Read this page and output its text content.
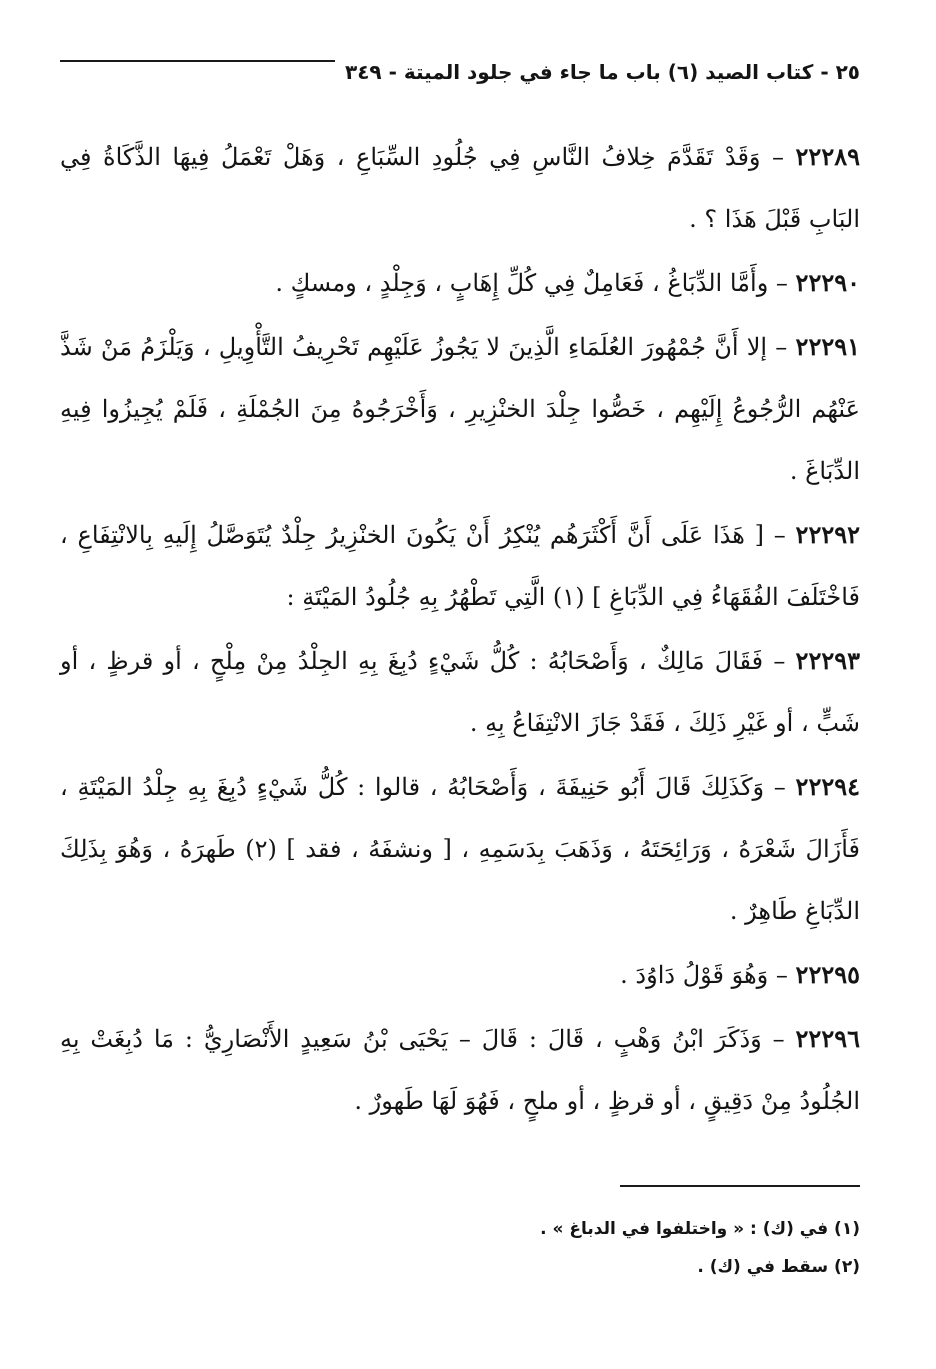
٢٥ - كتاب الصيد (٦) باب ما جاء في جلود الميتة - ٣٤٩

٢٢٢٨٩ – وَقَدْ تَقَدَّمَ خِلافُ النَّاسِ فِي جُلُودِ السِّبَاعِ ، وَهَلْ تَعْمَلُ فِيهَا الذَّكَاةُ فِي البَابِ قَبْلَ هَذَا ؟ .

٢٢٢٩٠ – وأَمَّا الدِّبَاغُ ، فَعَامِلٌ فِي كُلِّ إِهَابٍ ، وَجِلْدٍ ، ومسكٍ .

٢٢٢٩١ – إلا أَنَّ جُمْهُورَ العُلَمَاءِ الَّذِينَ لا يَجُوزُ عَلَيْهِم تَحْرِيفُ التَّأْوِيلِ ، وَيَلْزَمُ مَنْ شَذَّ عَنْهُم الرُّجُوعُ إِلَيْهِم ، خَصُّوا جِلْدَ الخنْزِيرِ ، وَأَخْرَجُوهُ مِنَ الجُمْلَةِ ، فَلَمْ يُجِيزُوا فِيهِ الدِّبَاغَ .

٢٢٢٩٢ – [ هَذَا عَلَى أَنَّ أَكْثَرَهُم يُنْكِرُ أَنْ يَكُونَ الخنْزِيرُ جِلْدٌ يُتَوَصَّلُ إِلَيهِ بِالانْتِفَاعِ ، فَاخْتَلَفَ الفُقَهَاءُ فِي الدِّبَاغِ ] (١) الَّتِي تَطْهُرُ بِهِ جُلُودُ المَيْتَةِ :

٢٢٢٩٣ – فَقَالَ مَالِكٌ ، وَأَصْحَابُهُ : كُلُّ شَيْءٍ دُبِغَ بِهِ الجِلْدُ مِنْ مِلْحٍ ، أو قرظٍ ، أو شَبٍّ ، أو غَيْرِ ذَلِكَ ، فَقَدْ جَازَ الانْتِفَاعُ بِهِ .

٢٢٢٩٤ – وَكَذَلِكَ قَالَ أَبُو حَنِيفَةَ ، وَأَصْحَابُهُ ، قالوا : كُلُّ شَيْءٍ دُبِغَ بِهِ جِلْدُ المَيْتَةِ ، فَأَزَالَ شَعْرَهُ ، وَرَائِحَتَهُ ، وَذَهَبَ بِدَسَمِهِ ، [ ونشفَهُ ، فقد ] (٢) طَهرَهُ ، وَهُوَ بِذَلِكَ الدِّبَاغِ طَاهِرٌ .

٢٢٢٩٥ – وَهُوَ قَوْلُ دَاوُدَ .

٢٢٢٩٦ – وَذَكَرَ ابْنُ وَهْبٍ ، قَالَ : قَالَ – يَحْيَى بْنُ سَعِيدٍ الأَنْصَارِيُّ : مَا دُبِغَتْ بِهِ الجُلُودُ مِنْ دَقِيقٍ ، أو قرظٍ ، أو ملحٍ ، فَهُوَ لَهَا طَهورٌ .

(١) في (ك) : « واختلفوا في الدباغ » .

(٢) سقط في (ك) .
